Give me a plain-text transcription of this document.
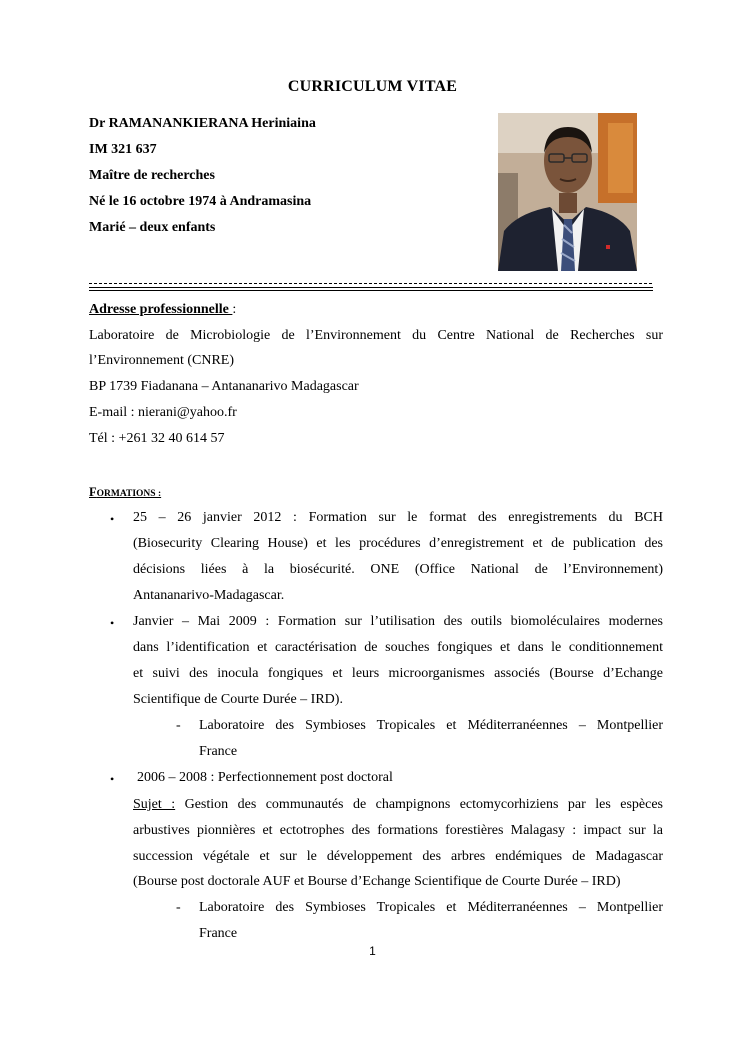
CURRICULUM VITAE
Dr RAMANANKIERANA Heriniaina
IM 321 637
Maître de recherches
Né le 16 octobre 1974 à Andramasina
Marié – deux enfants
Adresse professionnelle :
Laboratoire de Microbiologie de l’Environnement du Centre National de Recherches sur
l’Environnement (CNRE)
BP 1739 Fiadanana – Antananarivo Madagascar
E-mail : nierani@yahoo.fr
Tél : +261 32 40 614 57
FORMATIONS :
• 25 – 26 janvier 2012 : Formation sur le format des enregistrements du BCH
(Biosecurity Clearing House) et les procédures d’enregistrement et de publication des
décisions liées à la biosécurité. ONE (Office National de l’Environnement)
Antananarivo-Madagascar.
• Janvier – Mai 2009 : Formation sur l’utilisation des outils biomoléculaires modernes
dans l’identification et caractérisation de souches fongiques et dans le conditionnement
et suivi des inocula fongiques et leurs microorganismes associés (Bourse d’Echange
Scientifique de Courte Durée – IRD).
- Laboratoire des Symbioses Tropicales et Méditerranéennes – Montpellier
France
• 2006 – 2008 : Perfectionnement post doctoral
Sujet : Gestion des communautés de champignons ectomycorhiziens par les espèces
arbustives pionnières et ectotrophes des formations forestières Malagasy : impact sur la
succession végétale et sur le développement des arbres endémiques de Madagascar
(Bourse post doctorale AUF et Bourse d’Echange Scientifique de Courte Durée – IRD)
- Laboratoire des Symbioses Tropicales et Méditerranéennes – Montpellier
France
1
